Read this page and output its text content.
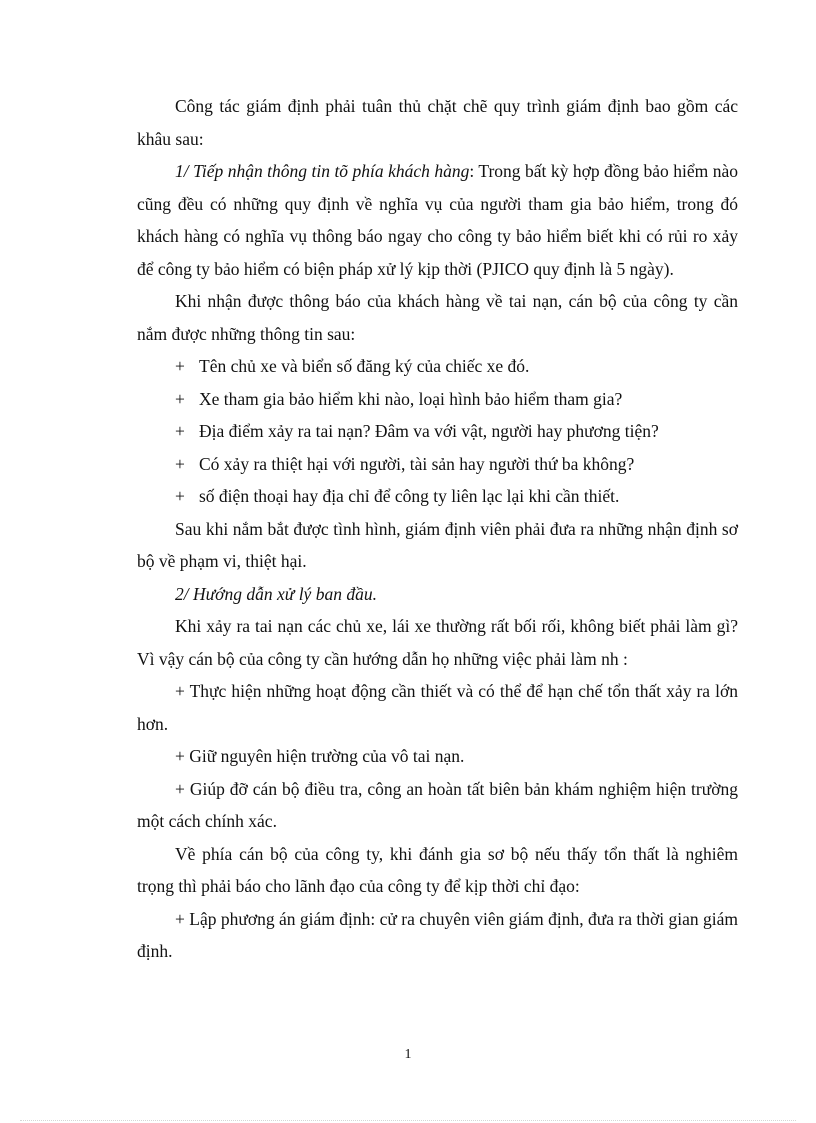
Công tác giám định phải tuân thủ chặt chẽ quy trình giám định bao gồm các khâu sau:

1/ Tiếp nhận thông tin tõ phía khách hàng: Trong bất kỳ hợp đồng bảo hiểm nào cũng đều có những quy định về nghĩa vụ của người tham gia bảo hiểm, trong đó khách hàng có nghĩa vụ thông báo ngay cho công ty bảo hiểm biết khi có rủi ro xảy để công ty bảo hiểm có biện pháp xử lý kịp thời (PJICO quy định là 5 ngày).

Khi nhận được thông báo của khách hàng về tai nạn, cán bộ của công ty cần nắm được những thông tin sau:

+ Tên chủ xe và biển số đăng ký của chiếc xe đó.

+ Xe tham gia bảo hiểm khi nào, loại hình bảo hiểm tham gia?

+ Địa điểm xảy ra tai nạn? Đâm va với vật, người hay phương tiện?

+ Có xảy ra thiệt hại với người, tài sản hay người thứ ba không?

+ số điện thoại hay địa chỉ để công ty liên lạc lại khi cần thiết.

Sau khi nắm bắt được tình hình, giám định viên phải đưa ra những nhận định sơ bộ về phạm vi, thiệt hại.

2/ Hướng dẫn xử lý ban đầu.

Khi xảy ra tai nạn các chủ xe, lái xe thường rất bối rối, không biết phải làm gì? Vì vậy cán bộ của công ty cần hướng dẫn họ những việc phải làm nh :

+ Thực hiện những hoạt động cần thiết và có thể để hạn chế tổn thất xảy ra lớn hơn.

+ Giữ nguyên hiện trường của vô tai nạn.

+ Giúp đỡ cán bộ điều tra, công an hoàn tất biên bản khám nghiệm hiện trường một cách chính xác.

Về phía cán bộ của công ty, khi đánh gia sơ bộ nếu thấy tổn thất là nghiêm trọng thì phải báo cho lãnh đạo của công ty để kịp thời chỉ đạo:

+ Lập phương án giám định: cử ra chuyên viên giám định, đưa ra thời gian giám định.

1
